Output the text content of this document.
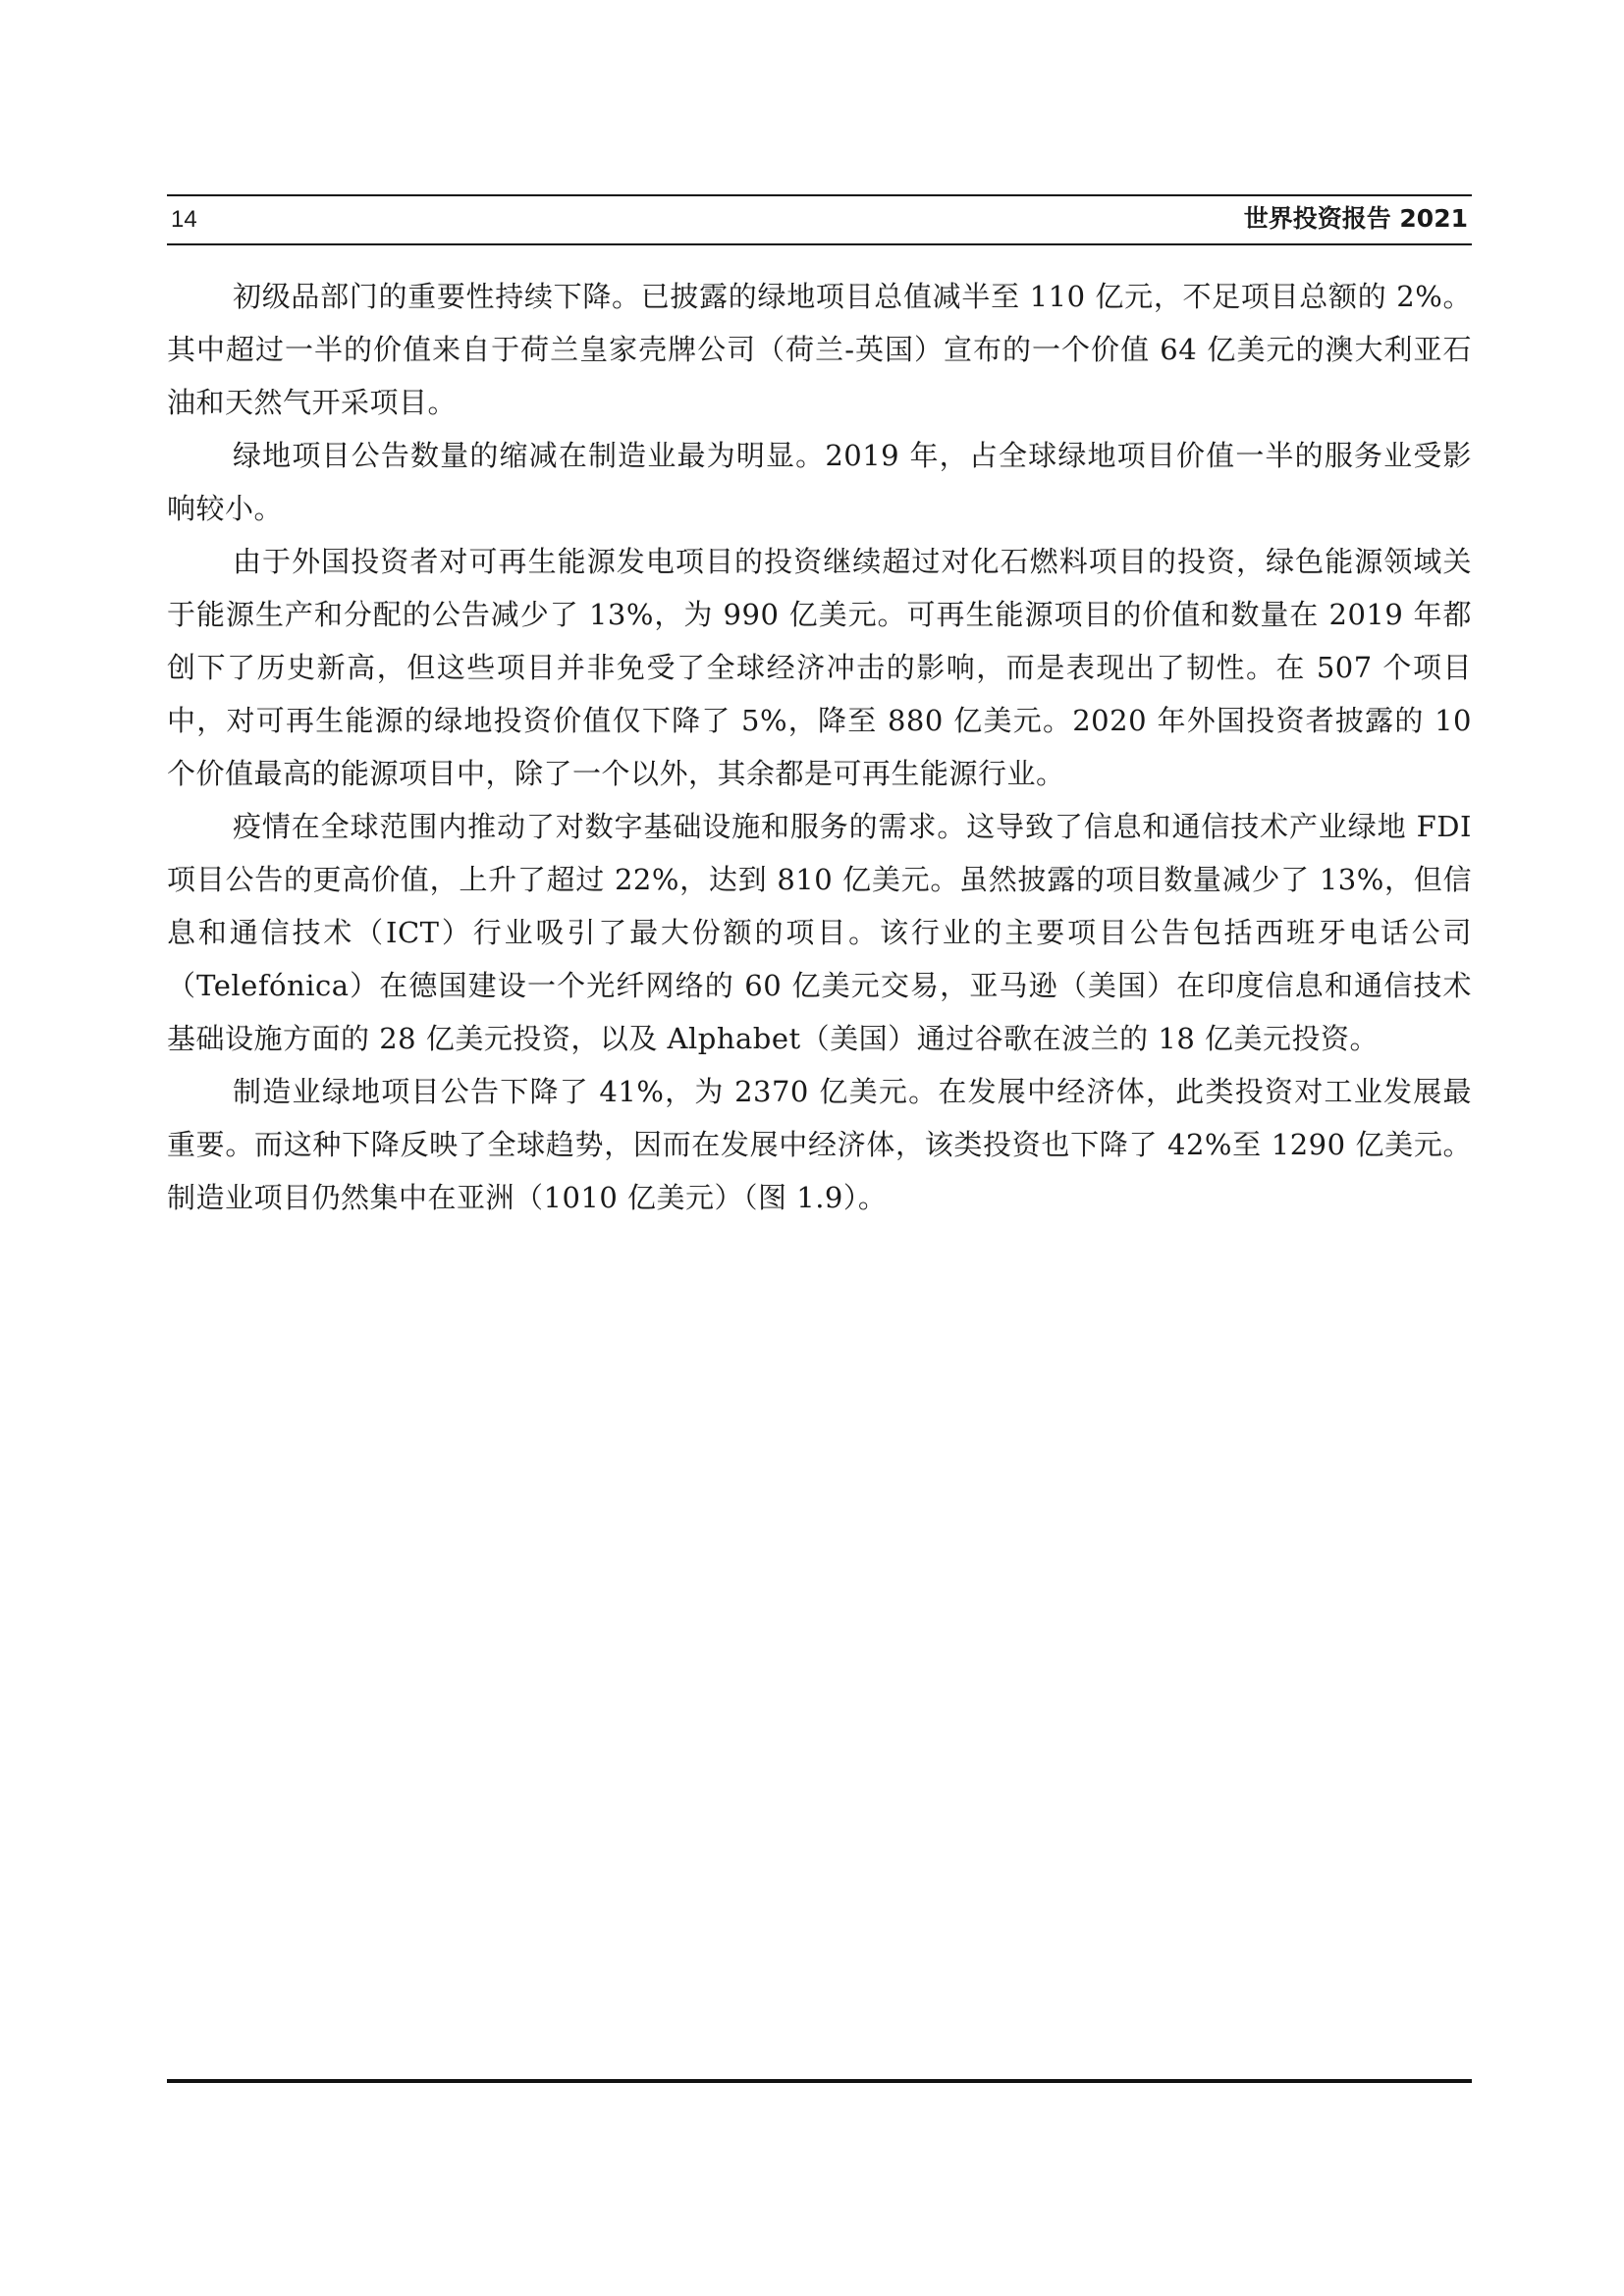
14	世界投资报告 2021

初级品部门的重要性持续下降。已披露的绿地项目总值减半至 110 亿元，不足项目总额的 2%。其中超过一半的价值来自于荷兰皇家壳牌公司（荷兰-英国）宣布的一个价值 64 亿美元的澳大利亚石油和天然气开采项目。

绿地项目公告数量的缩减在制造业最为明显。2019 年，占全球绿地项目价值一半的服务业受影响较小。

由于外国投资者对可再生能源发电项目的投资继续超过对化石燃料项目的投资，绿色能源领域关于能源生产和分配的公告减少了 13%，为 990 亿美元。可再生能源项目的价值和数量在 2019 年都创下了历史新高，但这些项目并非免受了全球经济冲击的影响，而是表现出了韧性。在 507 个项目中，对可再生能源的绿地投资价值仅下降了 5%，降至 880 亿美元。2020 年外国投资者披露的 10 个价值最高的能源项目中，除了一个以外，其余都是可再生能源行业。

疫情在全球范围内推动了对数字基础设施和服务的需求。这导致了信息和通信技术产业绿地 FDI 项目公告的更高价值，上升了超过 22%，达到 810 亿美元。虽然披露的项目数量减少了 13%，但信息和通信技术（ICT）行业吸引了最大份额的项目。该行业的主要项目公告包括西班牙电话公司（Telefónica）在德国建设一个光纤网络的 60 亿美元交易，亚马逊（美国）在印度信息和通信技术基础设施方面的 28 亿美元投资，以及 Alphabet（美国）通过谷歌在波兰的 18 亿美元投资。

制造业绿地项目公告下降了 41%，为 2370 亿美元。在发展中经济体，此类投资对工业发展最重要。而这种下降反映了全球趋势，因而在发展中经济体，该类投资也下降了 42%至 1290 亿美元。制造业项目仍然集中在亚洲（1010 亿美元）（图 1.9）。
